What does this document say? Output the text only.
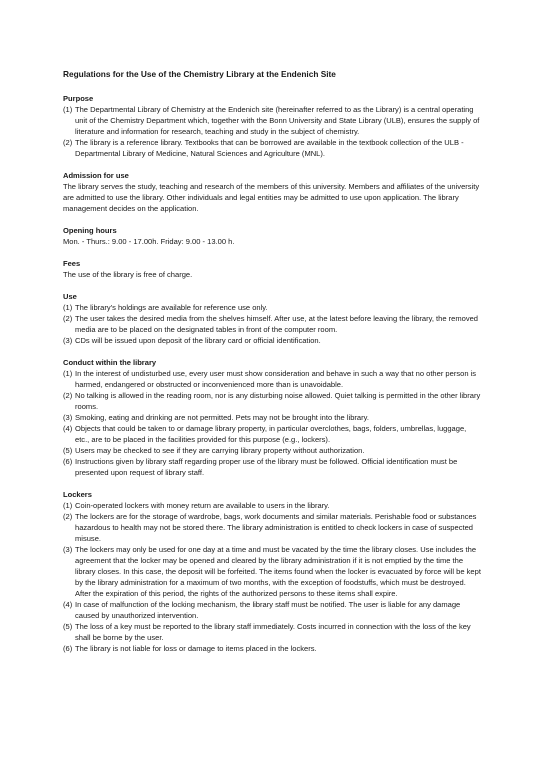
Regulations for the Use of the Chemistry Library at the Endenich Site

Purpose

(1) The Departmental Library of Chemistry at the Endenich site (hereinafter referred to as the Library) is a central operating unit of the Chemistry Department which, together with the Bonn University and State Library (ULB), ensures the supply of literature and information for research, teaching and study in the subject of chemistry.
(2) The library is a reference library. Textbooks that can be borrowed are available in the textbook collection of the ULB - Departmental Library of Medicine, Natural Sciences and Agriculture (MNL).

Admission for use

The library serves the study, teaching and research of the members of this university. Members and affiliates of the university are admitted to use the library. Other individuals and legal entities may be admitted to use upon application. The library management decides on the application.

Opening hours

Mon. - Thurs.: 9.00 - 17.00h. Friday: 9.00 - 13.00 h.

Fees

The use of the library is free of charge.

Use

(1) The library's holdings are available for reference use only.
(2) The user takes the desired media from the shelves himself. After use, at the latest before leaving the library, the removed media are to be placed on the designated tables in front of the computer room.
(3) CDs will be issued upon deposit of the library card or official identification.

Conduct within the library

(1) In the interest of undisturbed use, every user must show consideration and behave in such a way that no other person is harmed, endangered or obstructed or inconvenienced more than is unavoidable.
(2) No talking is allowed in the reading room, nor is any disturbing noise allowed. Quiet talking is permitted in the other library rooms.
(3) Smoking, eating and drinking are not permitted. Pets may not be brought into the library.
(4) Objects that could be taken to or damage library property, in particular overclothes, bags, folders, umbrellas, luggage, etc., are to be placed in the facilities provided for this purpose (e.g., lockers).
(5) Users may be checked to see if they are carrying library property without authorization.
(6) Instructions given by library staff regarding proper use of the library must be followed. Official identification must be presented upon request of library staff.

Lockers

(1) Coin-operated lockers with money return are available to users in the library.
(2) The lockers are for the storage of wardrobe, bags, work documents and similar materials. Perishable food or substances hazardous to health may not be stored there. The library administration is entitled to check lockers in case of suspected misuse.
(3) The lockers may only be used for one day at a time and must be vacated by the time the library closes. Use includes the agreement that the locker may be opened and cleared by the library administration if it is not emptied by the time the library closes. In this case, the deposit will be forfeited. The items found when the locker is evacuated by force will be kept by the library administration for a maximum of two months, with the exception of foodstuffs, which must be destroyed. After the expiration of this period, the rights of the authorized persons to these items shall expire.
(4) In case of malfunction of the locking mechanism, the library staff must be notified. The user is liable for any damage caused by unauthorized intervention.
(5) The loss of a key must be reported to the library staff immediately. Costs incurred in connection with the loss of the key shall be borne by the user.
(6) The library is not liable for loss or damage to items placed in the lockers.
